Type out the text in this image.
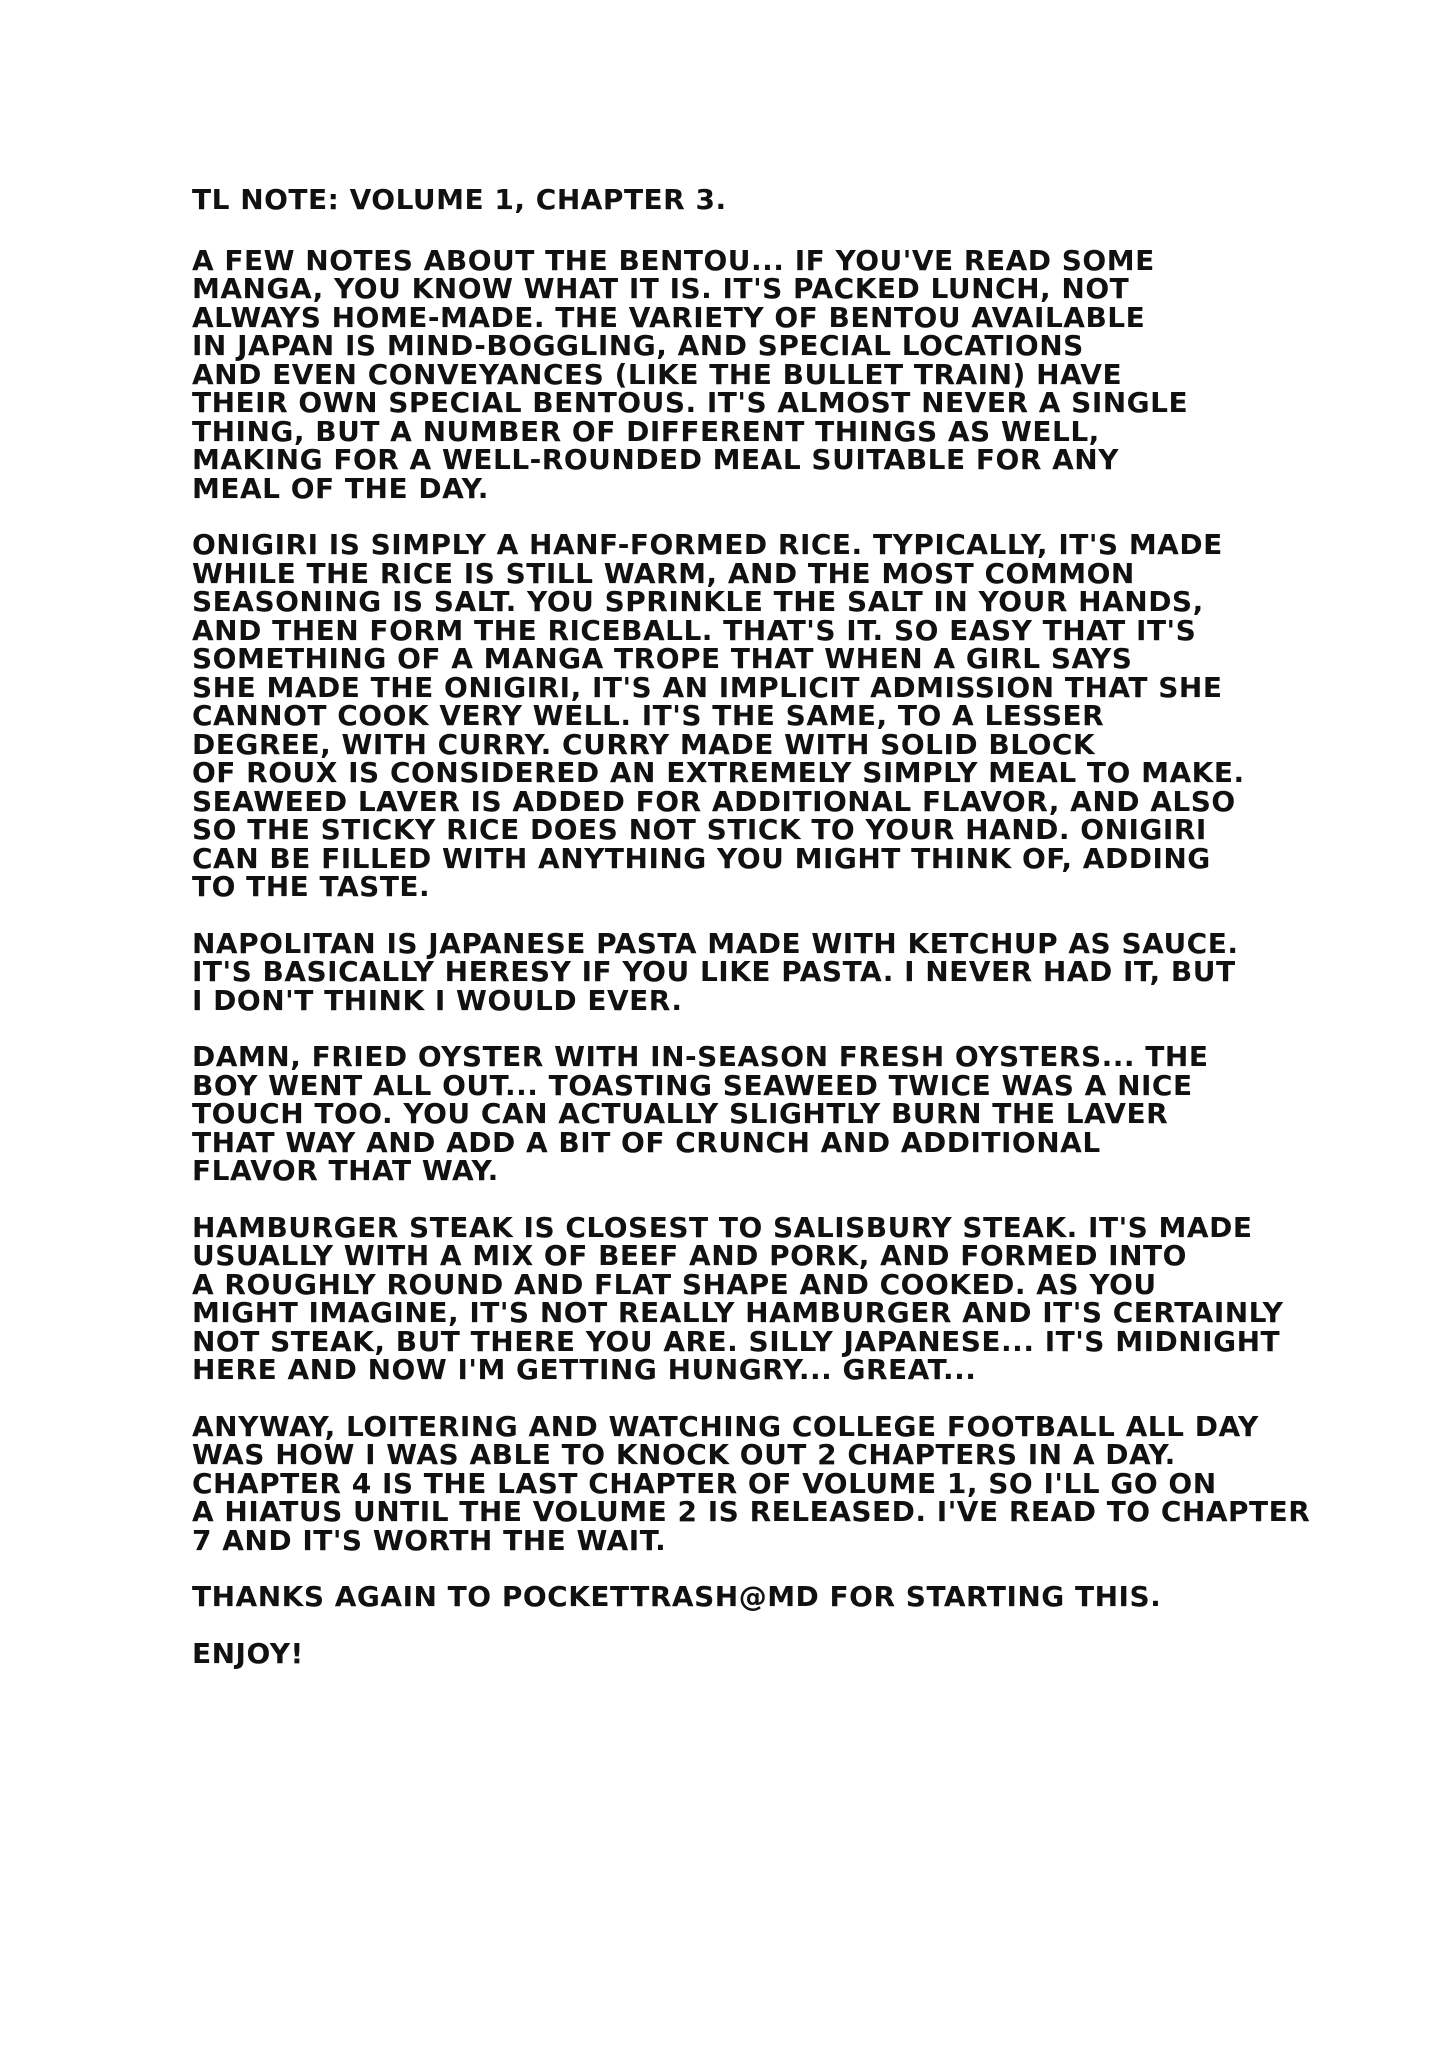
TL NOTE: VOLUME 1, CHAPTER 3.
A FEW NOTES ABOUT THE BENTOU... IF YOU'VE READ SOME
MANGA, YOU KNOW WHAT IT IS. IT'S PACKED LUNCH, NOT
ALWAYS HOME-MADE. THE VARIETY OF BENTOU AVAILABLE
IN JAPAN IS MIND-BOGGLING, AND SPECIAL LOCATIONS
AND EVEN CONVEYANCES (LIKE THE BULLET TRAIN) HAVE
THEIR OWN SPECIAL BENTOUS. IT'S ALMOST NEVER A SINGLE
THING, BUT A NUMBER OF DIFFERENT THINGS AS WELL,
MAKING FOR A WELL-ROUNDED MEAL SUITABLE FOR ANY
MEAL OF THE DAY.
ONIGIRI IS SIMPLY A HANF-FORMED RICE. TYPICALLY, IT'S MADE
WHILE THE RICE IS STILL WARM, AND THE MOST COMMON
SEASONING IS SALT. YOU SPRINKLE THE SALT IN YOUR HANDS,
AND THEN FORM THE RICEBALL. THAT'S IT. SO EASY THAT IT'S
SOMETHING OF A MANGA TROPE THAT WHEN A GIRL SAYS
SHE MADE THE ONIGIRI, IT'S AN IMPLICIT ADMISSION THAT SHE
CANNOT COOK VERY WELL. IT'S THE SAME, TO A LESSER
DEGREE, WITH CURRY. CURRY MADE WITH SOLID BLOCK
OF ROUX IS CONSIDERED AN EXTREMELY SIMPLY MEAL TO MAKE.
SEAWEED LAVER IS ADDED FOR ADDITIONAL FLAVOR, AND ALSO
SO THE STICKY RICE DOES NOT STICK TO YOUR HAND. ONIGIRI
CAN BE FILLED WITH ANYTHING YOU MIGHT THINK OF, ADDING
TO THE TASTE.
NAPOLITAN IS JAPANESE PASTA MADE WITH KETCHUP AS SAUCE.
IT'S BASICALLY HERESY IF YOU LIKE PASTA. I NEVER HAD IT, BUT
I DON'T THINK I WOULD EVER.
DAMN, FRIED OYSTER WITH IN-SEASON FRESH OYSTERS... THE
BOY WENT ALL OUT... TOASTING SEAWEED TWICE WAS A NICE
TOUCH TOO. YOU CAN ACTUALLY SLIGHTLY BURN THE LAVER
THAT WAY AND ADD A BIT OF CRUNCH AND ADDITIONAL
FLAVOR THAT WAY.
HAMBURGER STEAK IS CLOSEST TO SALISBURY STEAK. IT'S MADE
USUALLY WITH A MIX OF BEEF AND PORK, AND FORMED INTO
A ROUGHLY ROUND AND FLAT SHAPE AND COOKED. AS YOU
MIGHT IMAGINE, IT'S NOT REALLY HAMBURGER AND IT'S CERTAINLY
NOT STEAK, BUT THERE YOU ARE. SILLY JAPANESE... IT'S MIDNIGHT
HERE AND NOW I'M GETTING HUNGRY... GREAT...
ANYWAY, LOITERING AND WATCHING COLLEGE FOOTBALL ALL DAY
WAS HOW I WAS ABLE TO KNOCK OUT 2 CHAPTERS IN A DAY.
CHAPTER 4 IS THE LAST CHAPTER OF VOLUME 1, SO I'LL GO ON
A HIATUS UNTIL THE VOLUME 2 IS RELEASED. I'VE READ TO CHAPTER
7 AND IT'S WORTH THE WAIT.
THANKS AGAIN TO POCKETTRASH@MD FOR STARTING THIS.
ENJOY!
